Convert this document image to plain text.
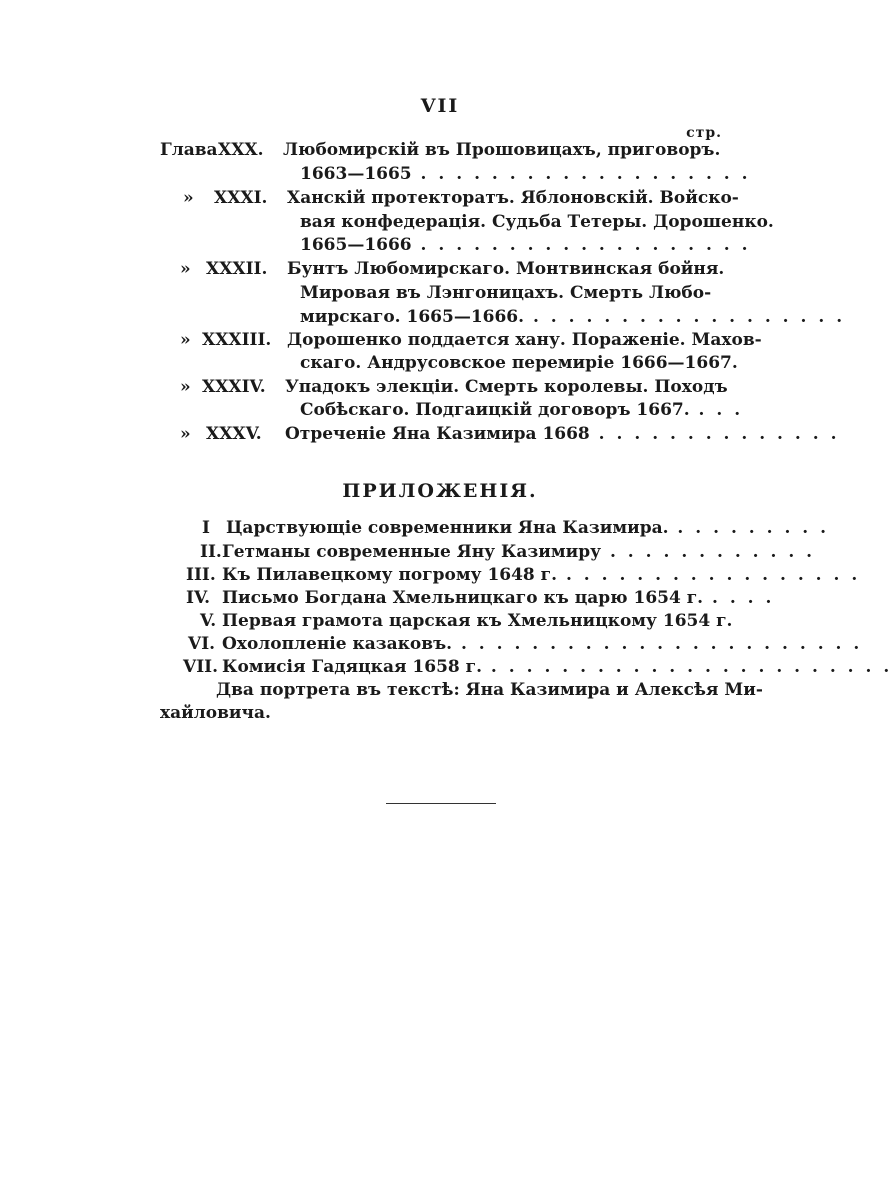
VII
стр.
Глава XXX. Любомирскій въ Прошовицахъ, приговоръ.
1663—1665 . . . . . . . . . . . . . . . . . . .
» XXXI. Ханскій протекторатъ. Яблоновскій. Войско-
вая конфедерація. Судьба Тетеры. Дорошенко.
1665—1666 . . . . . . . . . . . . . . . . . . .
» XXXII. Бунтъ Любомирскаго. Монтвинская бойня.
Мировая въ Лэнгоницахъ. Смерть Любо-
мирскаго. 1665—1666. . . . . . . . . . . . . . . . . . .
» XXXIII. Дорошенко поддается хану. Пораженіе. Махов-
скаго. Андрусовское перемиріе 1666—1667.
» XXXIV. Упадокъ элекціи. Смерть королевы. Походъ
Собѣскаго. Подгаицкій договоръ 1667. . . .
» XXXV. Отреченіе Яна Казимира 1668 . . . . . . . . . . . . . .
ПРИЛОЖЕНІЯ.
I Царствующіе современники Яна Казимира. . . . . . . . . .
II. Гетманы современные Яну Казимиру . . . . . . . . . . . .
III. Къ Пилавецкому погрому 1648 г. . . . . . . . . . . . . . . . . .
IV. Письмо Богдана Хмельницкаго къ царю 1654 г. . . . .
V. Первая грамота царская къ Хмельницкому 1654 г.
VI. Охолопленіе казаковъ. . . . . . . . . . . . . . . . . . . . . . . .
VII. Комисія Гадяцкая 1658 г. . . . . . . . . . . . . . . . . . . . . . . .
Два портрета въ текстѣ: Яна Казимира и Алексѣя Ми-
хайловича.
